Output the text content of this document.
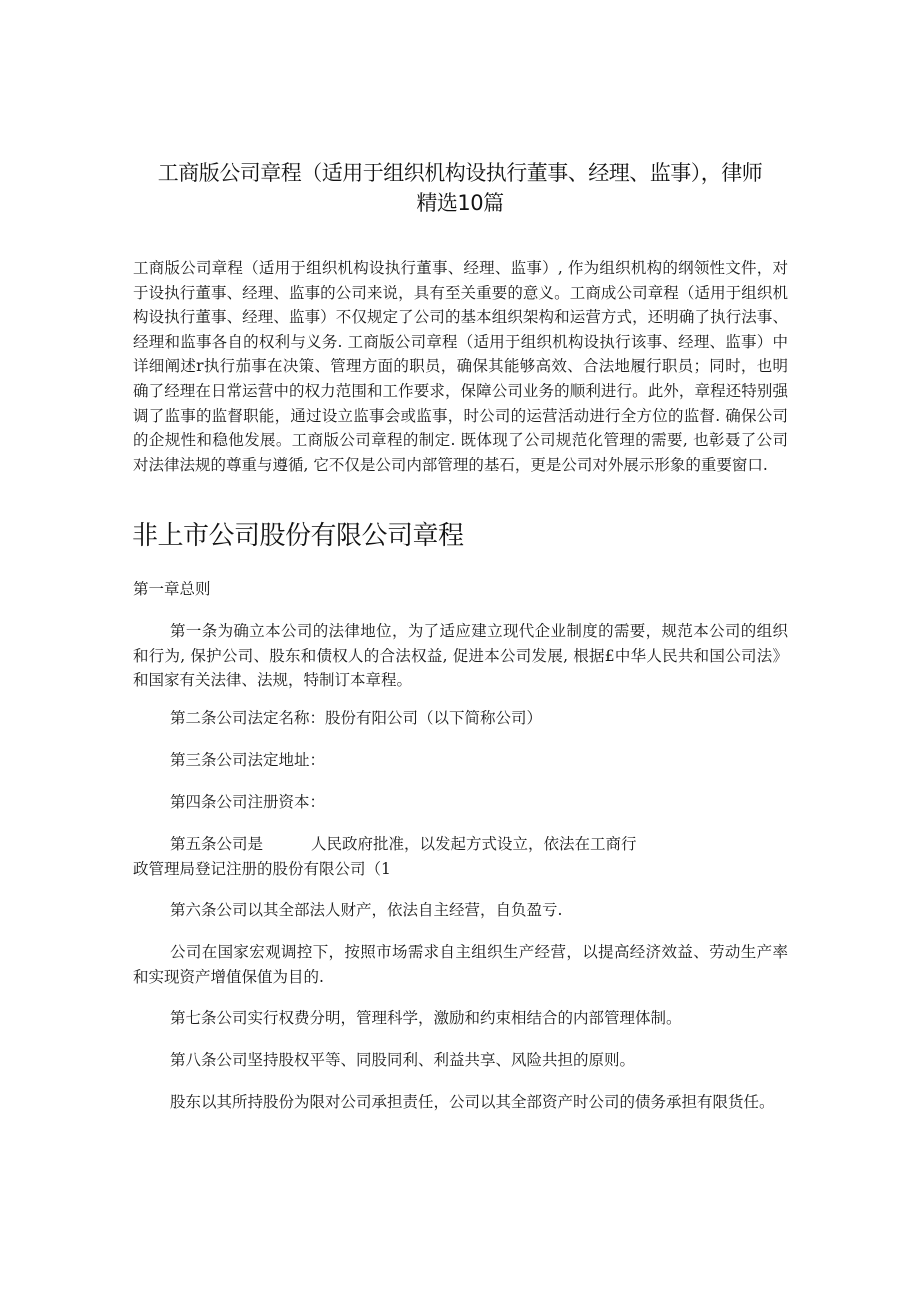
工商版公司章程（适用于组织机构设执行董事、经理、监事），律师
精选10篇

工商版公司章程（适用于组织机构设执行董事、经理、监事）, 作为组织机构的纲领性文件，对于设执行董事、经理、监事的公司来说，具有至关重要的意义。工商成公司章程（适用于组织机构设执行董事、经理、监事）不仅规定了公司的基本组织架构和运营方式，还明确了执行法事、经理和监事各自的权利与义务. 工商版公司章程（适用于组织机构设执行该事、经理、监事）中详细阐述r执行茄事在决策、管理方面的职员，确保其能够高效、合法地履行职员；同时，也明确了经理在日常运营中的权力范围和工作要求，保障公司业务的顺利进行。此外，章程还特别强调了监事的监督职能，通过设立监事会或监事，时公司的运营活动进行全方位的监督. 确保公司的企规性和稳他发展。工商版公司章程的制定. 既体现了公司规范化管理的需要, 也彰聂了公司对法律法规的尊重与遵循, 它不仅是公司内部管理的基石，更是公司对外展示形象的重要窗口.

非上市公司股份有限公司章程

第一章总则

第一条为确立本公司的法律地位，为了适应建立现代企业制度的需要，规范本公司的组织和行为, 保护公司、股东和债权人的合法权益, 促进本公司发展, 根据£中华人民共和国公司法》和国家有关法律、法规，特制订本章程。

第二条公司法定名称：股份有阳公司（以下简称公司）

第三条公司法定地址：

第四条公司注册资本：

第五条公司是	人民政府批准，以发起方式设立，依法在工商行

政管理局登记注册的股份有限公司（1

第六条公司以其全部法人财产，依法自主经营，自负盈亏.

公司在国家宏观调控下，按照市场需求自主组织生产经营，以提高经济效益、劳动生产率和实现资产增值保值为目的.

第七条公司实行权费分明，管理科学，激励和约束相结合的内部管理体制。

第八条公司坚持股权平等、同股同利、利益共享、风险共担的原则。

股东以其所持股份为限对公司承担责任，公司以其全部资产时公司的债务承担有限货任。
